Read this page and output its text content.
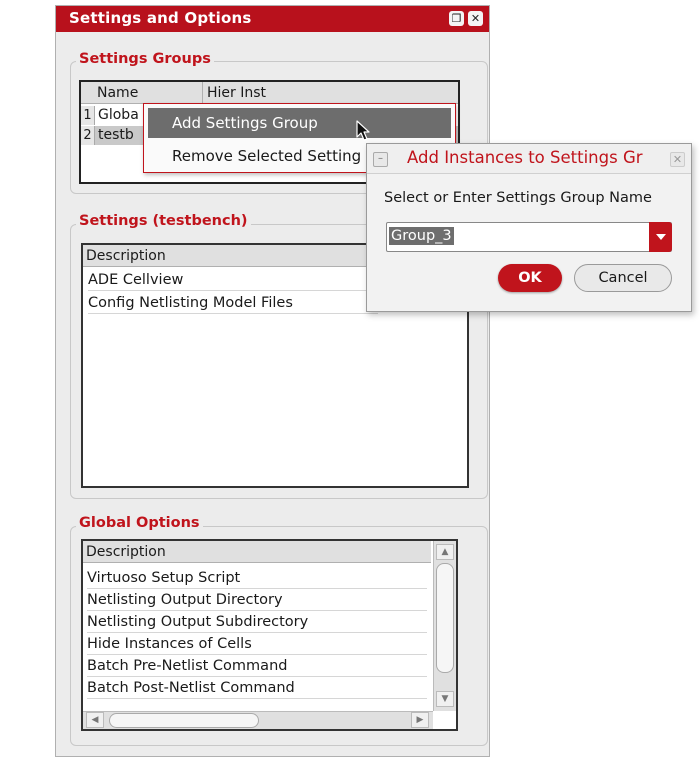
Settings and Options	❐ ✕
Settings Groups
Name	Hier Inst
1 Globa
2 testb
Settings (testbench)
Description
ADE Cellview
Config Netlisting Model Files
Global Options
Description
Virtuoso Setup Script
Netlisting Output Directory
Netlisting Output Subdirectory
Hide Instances of Cells
Batch Pre-Netlist Command
Batch Post-Netlist Command
▲
▼
◀	▶
Add Settings Group
Remove Selected Setting	–	Add Instances to Settings Gr	✕
Select or Enter Settings Group Name
Group_3
OK	Cancel
